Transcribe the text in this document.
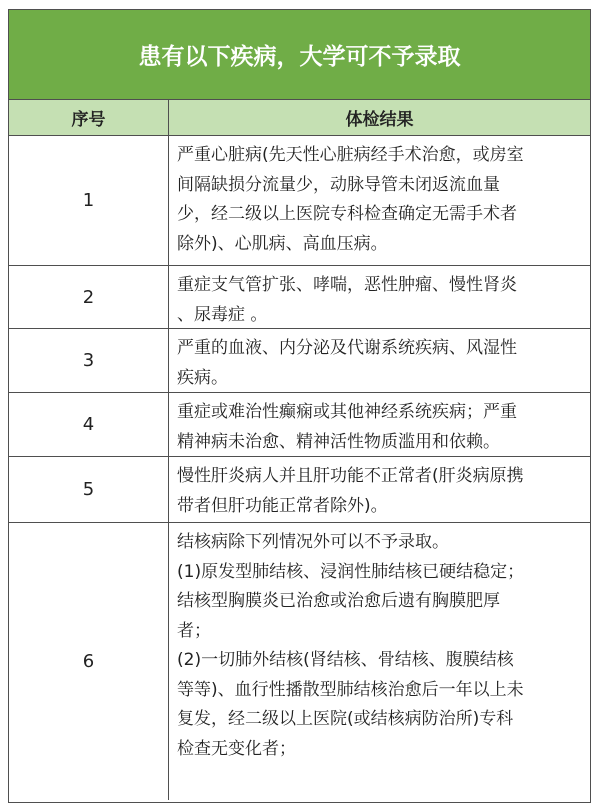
患有以下疾病，大学可不予录取
序号	体检结果
1
严重心脏病(先天性心脏病经手术治愈，或房室
间隔缺损分流量少，动脉导管未闭返流血量
少，经二级以上医院专科检查确定无需手术者
除外)、心肌病、高血压病。
2
重症支气管扩张、哮喘，恶性肿瘤、慢性肾炎
、尿毒症 。
3
严重的血液、内分泌及代谢系统疾病、风湿性
疾病。
4
重症或难治性癫痫或其他神经系统疾病；严重
精神病未治愈、精神活性物质滥用和依赖。
5
慢性肝炎病人并且肝功能不正常者(肝炎病原携
带者但肝功能正常者除外)。
6
结核病除下列情况外可以不予录取。
(1)原发型肺结核、浸润性肺结核已硬结稳定；
结核型胸膜炎已治愈或治愈后遗有胸膜肥厚
者；
(2)一切肺外结核(肾结核、骨结核、腹膜结核
等等)、血行性播散型肺结核治愈后一年以上未
复发，经二级以上医院(或结核病防治所)专科
检查无变化者；
